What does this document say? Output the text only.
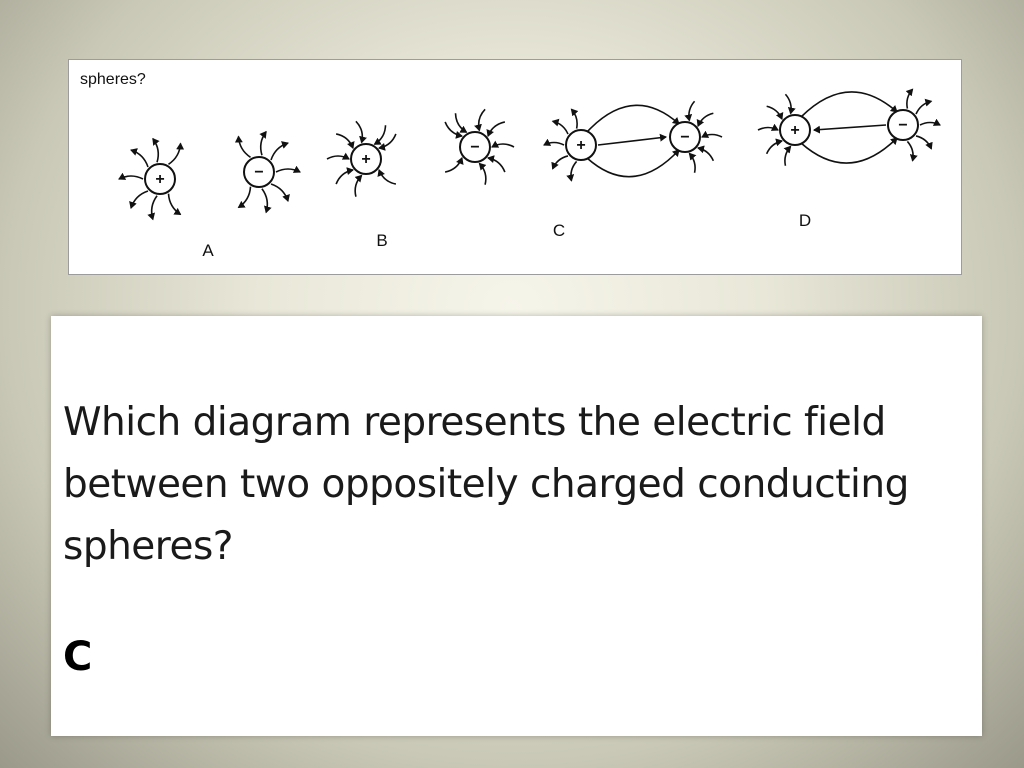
spheres?
+	−
A
+
−
B
+	−
C
+	−
D
Which diagram represents the electric field between two oppositely charged conducting spheres?
C
